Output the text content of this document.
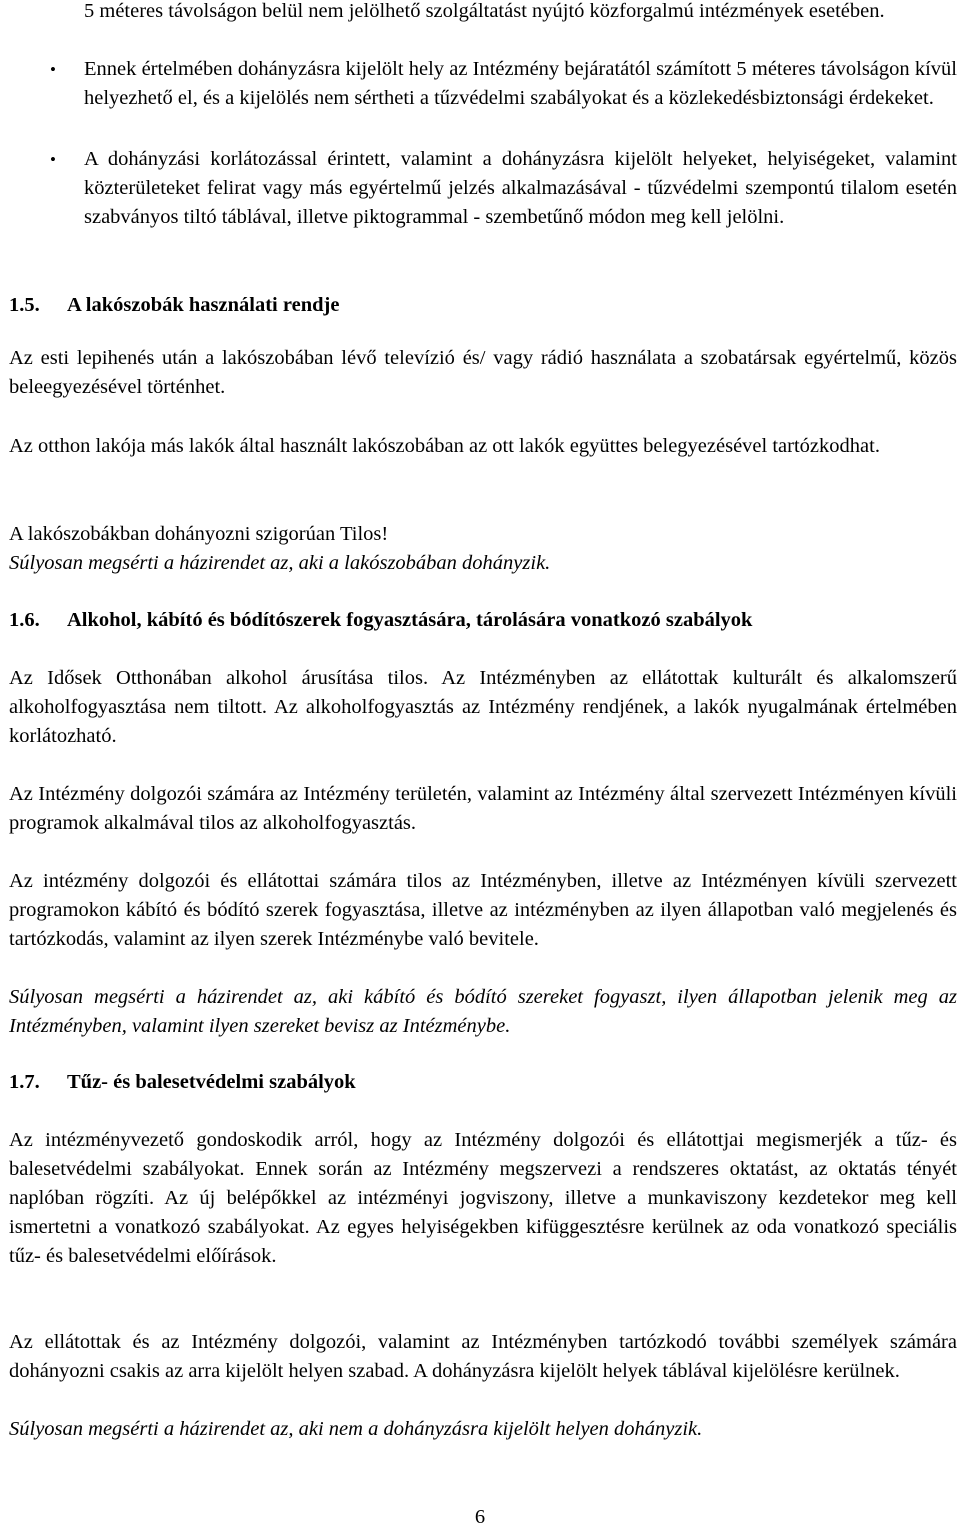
5 méteres távolságon belül nem jelölhető szolgáltatást nyújtó közforgalmú intézmények esetében.

• Ennek értelmében dohányzásra kijelölt hely az Intézmény bejáratától számított 5 méteres távolságon kívül helyezhető el, és a kijelölés nem sértheti a tűzvédelmi szabályokat és a közlekedésbiztonsági érdekeket.

• A dohányzási korlátozással érintett, valamint a dohányzásra kijelölt helyeket, helyiségeket, valamint közterületeket felirat vagy más egyértelmű jelzés alkalmazásával - tűzvédelmi szempontú tilalom esetén szabványos tiltó táblával, illetve piktogrammal - szembetűnő módon meg kell jelölni.

1.5. A lakószobák használati rendje

Az esti lepihenés után a lakószobában lévő televízió és/ vagy rádió használata a szobatársak egyértelmű, közös beleegyezésével történhet.

Az otthon lakója más lakók által használt lakószobában az ott lakók együttes belegyezésével tartózkodhat.

A lakószobákban dohányozni szigorúan Tilos!

Súlyosan megsérti a házirendet az, aki a lakószobában dohányzik.

1.6. Alkohol, kábító és bódítószerek fogyasztására, tárolására vonatkozó szabályok

Az Idősek Otthonában alkohol árusítása tilos. Az Intézményben az ellátottak kulturált és alkalomszerű alkoholfogyasztása nem tiltott. Az alkoholfogyasztás az Intézmény rendjének, a lakók nyugalmának értelmében korlátozható.

Az Intézmény dolgozói számára az Intézmény területén, valamint az Intézmény által szervezett Intézményen kívüli programok alkalmával tilos az alkoholfogyasztás.

Az intézmény dolgozói és ellátottai számára tilos az Intézményben, illetve az Intézményen kívüli szervezett programokon kábító és bódító szerek fogyasztása, illetve az intézményben az ilyen állapotban való megjelenés és tartózkodás, valamint az ilyen szerek Intézménybe való bevitele.

Súlyosan megsérti a házirendet az, aki kábító és bódító szereket fogyaszt, ilyen állapotban jelenik meg az Intézményben, valamint ilyen szereket bevisz az Intézménybe.

1.7. Tűz- és balesetvédelmi szabályok

Az intézményvezető gondoskodik arról, hogy az Intézmény dolgozói és ellátottjai megismerjék a tűz- és balesetvédelmi szabályokat. Ennek során az Intézmény megszervezi a rendszeres oktatást, az oktatás tényét naplóban rögzíti. Az új belépőkkel az intézményi jogviszony, illetve a munkaviszony kezdetekor meg kell ismertetni a vonatkozó szabályokat. Az egyes helyiségekben kifüggesztésre kerülnek az oda vonatkozó speciális tűz- és balesetvédelmi előírások.

Az ellátottak és az Intézmény dolgozói, valamint az Intézményben tartózkodó további személyek számára dohányozni csakis az arra kijelölt helyen szabad. A dohányzásra kijelölt helyek táblával kijelölésre kerülnek.

Súlyosan megsérti a házirendet az, aki nem a dohányzásra kijelölt helyen dohányzik.

6
